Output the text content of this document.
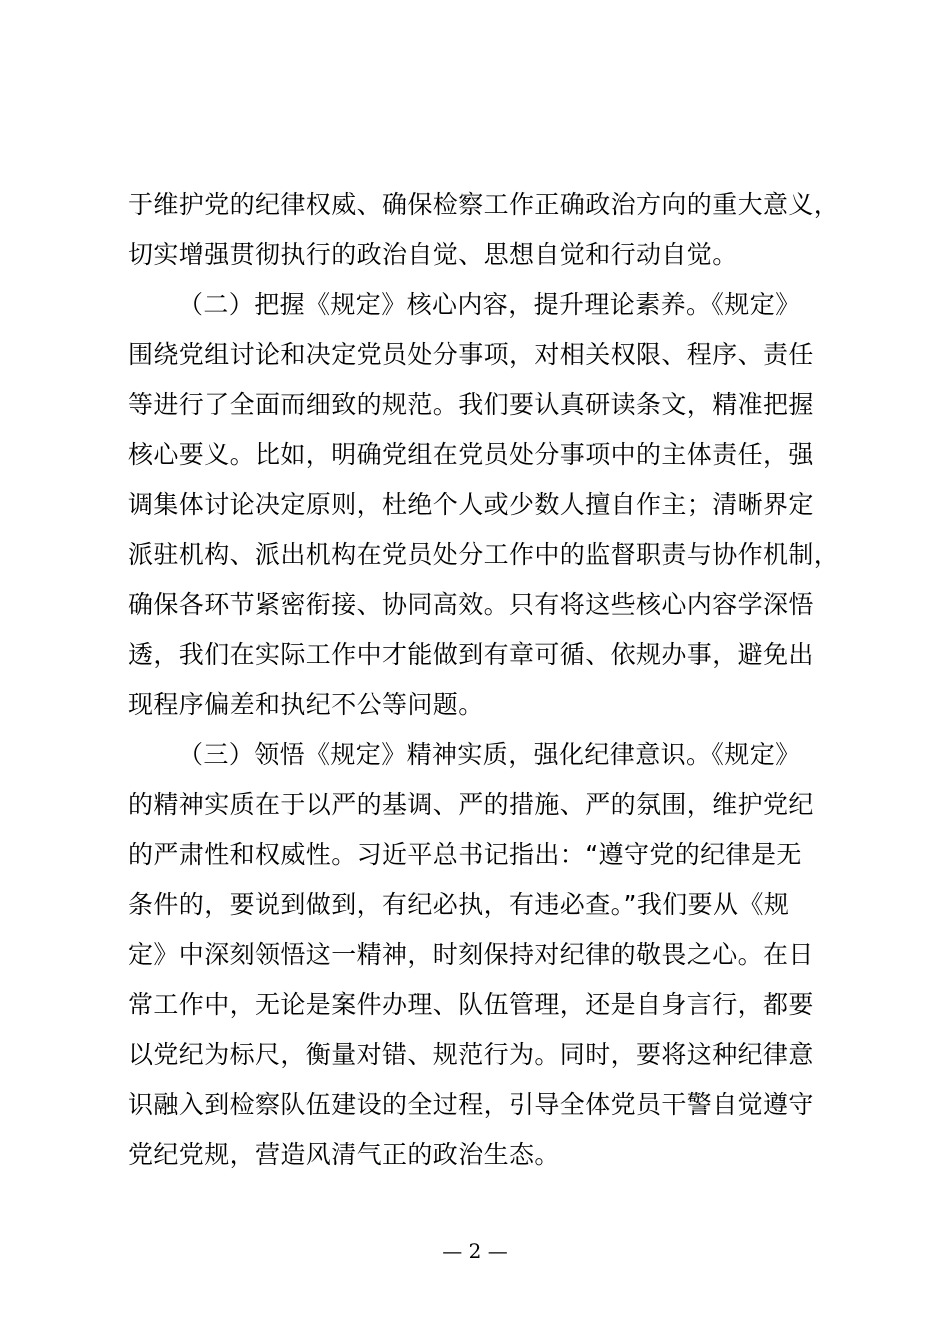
于维护党的纪律权威、确保检察工作正确政治方向的重大意义，
切实增强贯彻执行的政治自觉、思想自觉和行动自觉。
（二）把握《规定》核心内容，提升理论素养。《规定》
围绕党组讨论和决定党员处分事项，对相关权限、程序、责任
等进行了全面而细致的规范。我们要认真研读条文，精准把握
核心要义。比如，明确党组在党员处分事项中的主体责任，强
调集体讨论决定原则，杜绝个人或少数人擅自作主；清晰界定
派驻机构、派出机构在党员处分工作中的监督职责与协作机制，
确保各环节紧密衔接、协同高效。只有将这些核心内容学深悟
透，我们在实际工作中才能做到有章可循、依规办事，避免出
现程序偏差和执纪不公等问题。
（三）领悟《规定》精神实质，强化纪律意识。《规定》
的精神实质在于以严的基调、严的措施、严的氛围，维护党纪
的严肃性和权威性。习近平总书记指出：“遵守党的纪律是无
条件的，要说到做到，有纪必执，有违必查。”我们要从《规
定》中深刻领悟这一精神，时刻保持对纪律的敬畏之心。在日
常工作中，无论是案件办理、队伍管理，还是自身言行，都要
以党纪为标尺，衡量对错、规范行为。同时，要将这种纪律意
识融入到检察队伍建设的全过程，引导全体党员干警自觉遵守
党纪党规，营造风清气正的政治生态。
— 2 —
